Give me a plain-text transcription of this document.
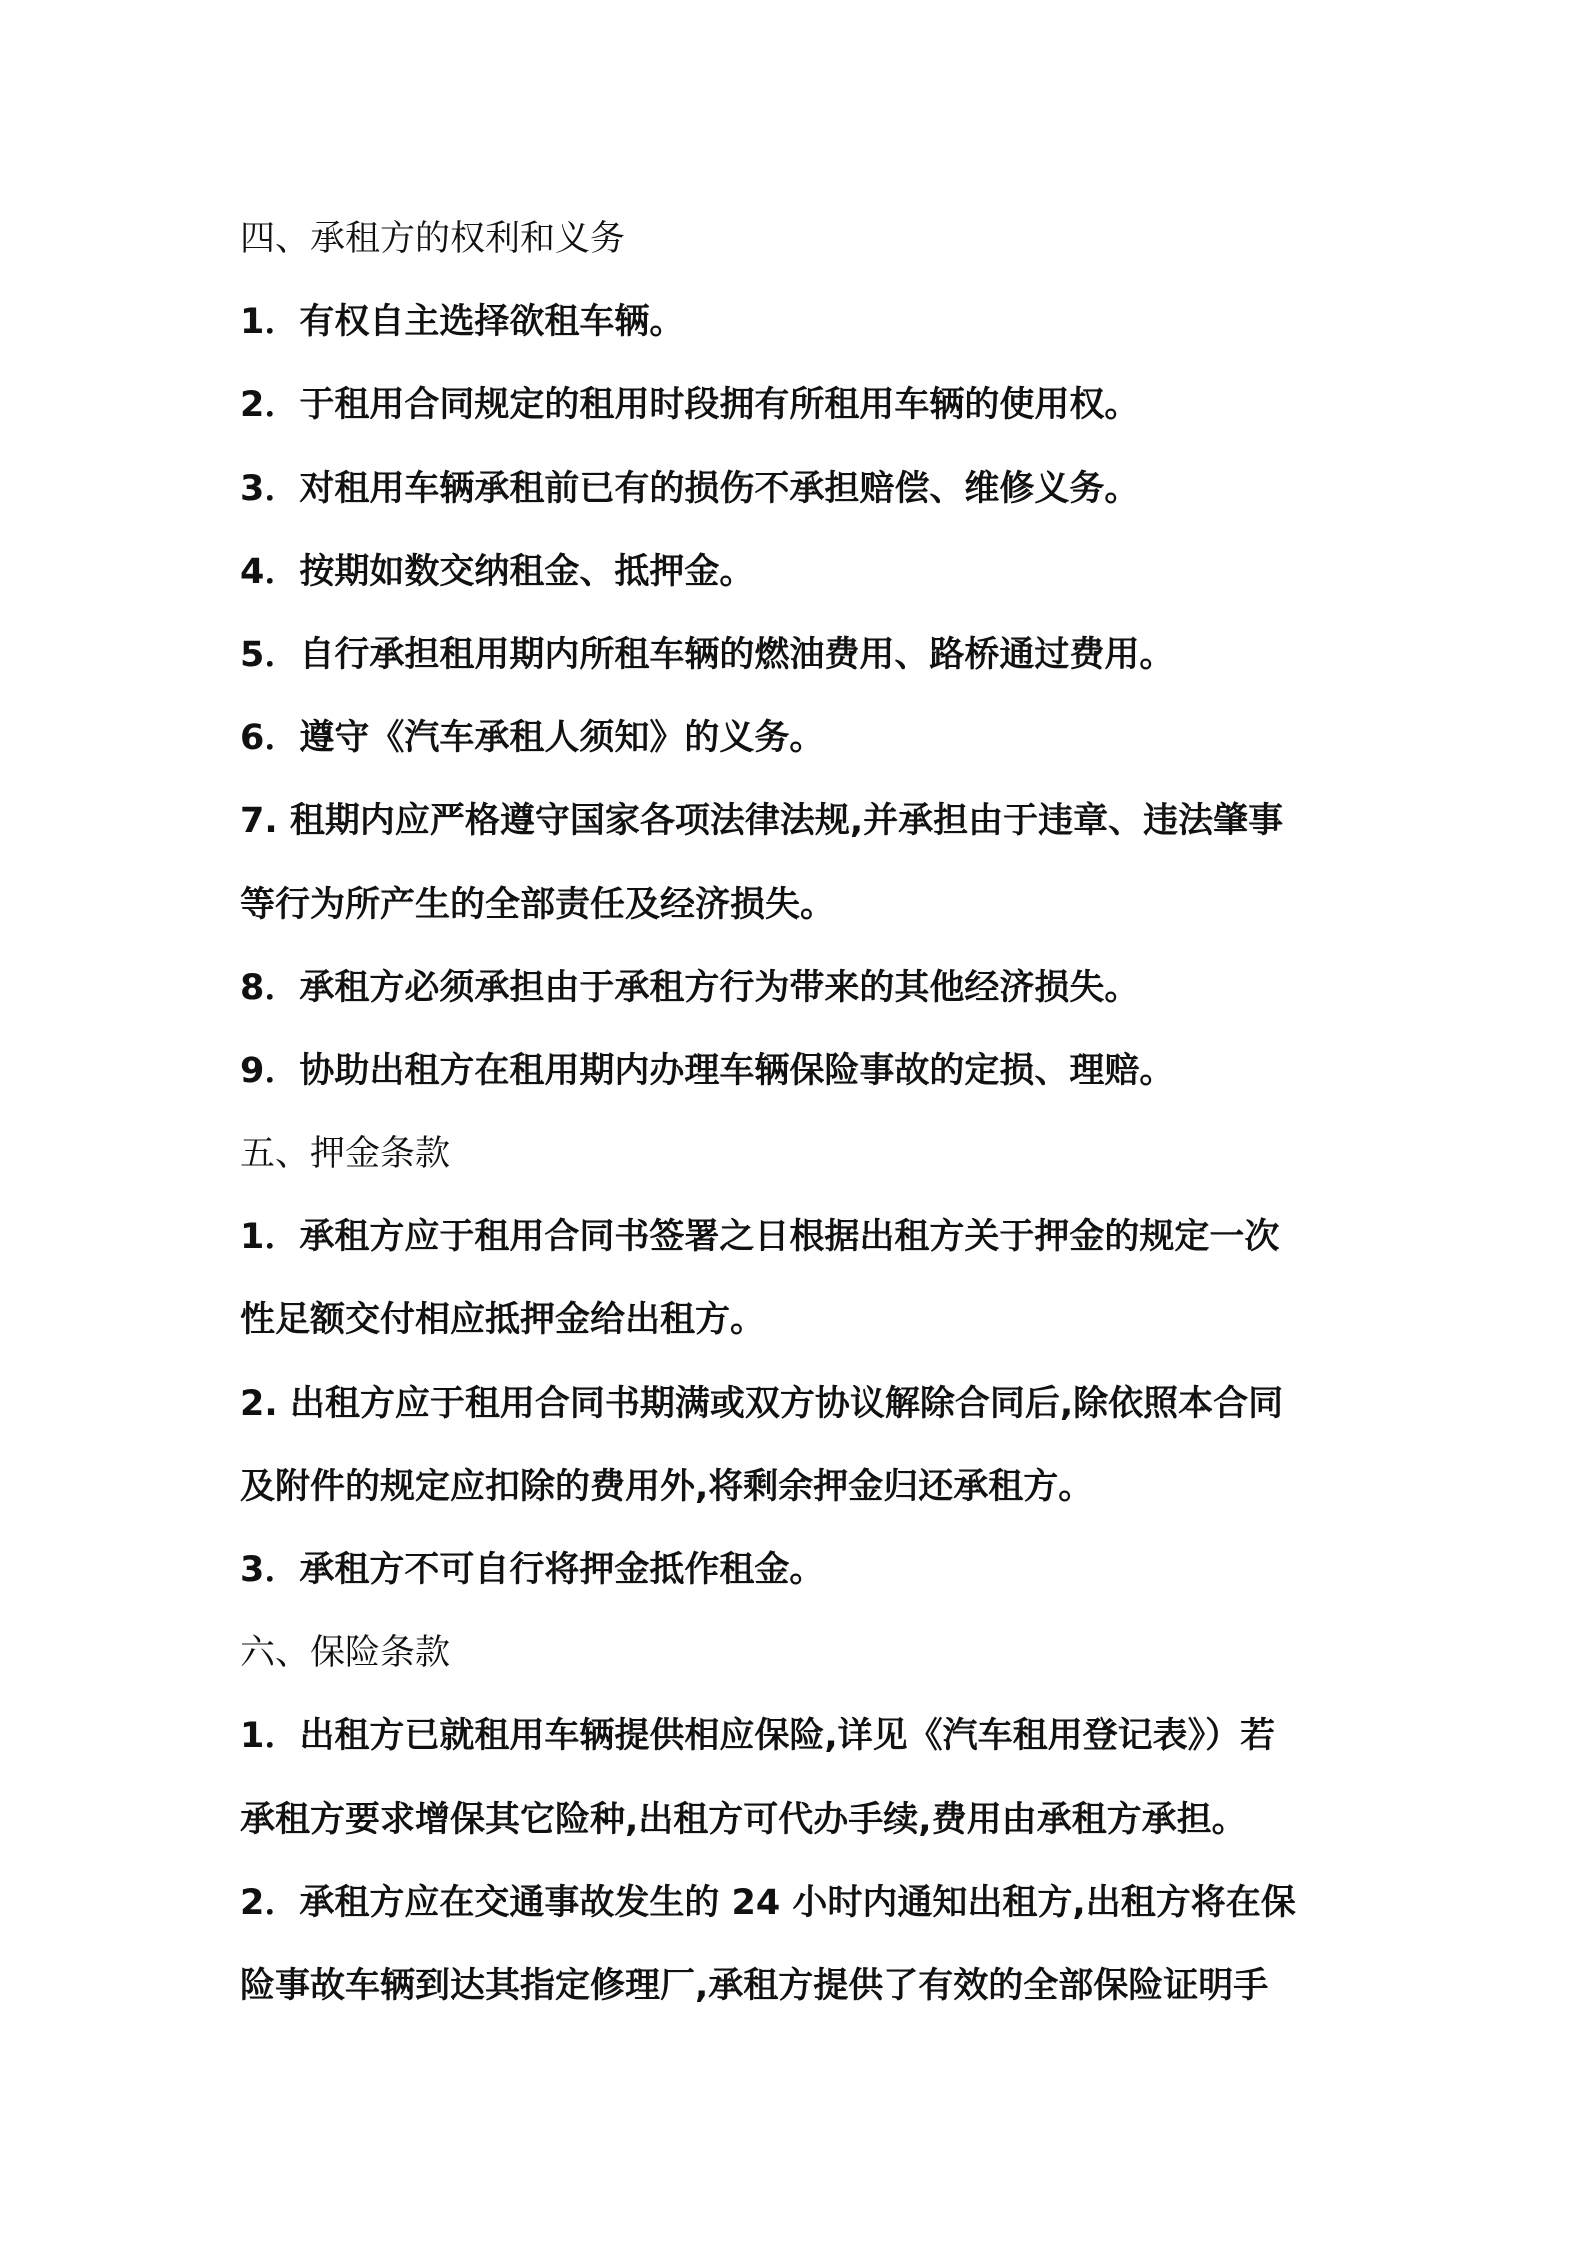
四、承租方的权利和义务
1．有权自主选择欲租车辆。
2．于租用合同规定的租用时段拥有所租用车辆的使用权。
3．对租用车辆承租前已有的损伤不承担赔偿、维修义务。
4．按期如数交纳租金、抵押金。
5．自行承担租用期内所租车辆的燃油费用、路桥通过费用。
6．遵守《汽车承租人须知》的义务。
7. 租期内应严格遵守国家各项法律法规,并承担由于违章、违法肇事
等行为所产生的全部责任及经济损失。
8．承租方必须承担由于承租方行为带来的其他经济损失。
9．协助出租方在租用期内办理车辆保险事故的定损、理赔。
五、押金条款
1．承租方应于租用合同书签署之日根据出租方关于押金的规定一次
性足额交付相应抵押金给出租方。
2. 出租方应于租用合同书期满或双方协议解除合同后,除依照本合同
及附件的规定应扣除的费用外,将剩余押金归还承租方。
3．承租方不可自行将押金抵作租金。
六、保险条款
1．出租方已就租用车辆提供相应保险,详见《汽车租用登记表》）若
承租方要求增保其它险种,出租方可代办手续,费用由承租方承担。
2．承租方应在交通事故发生的 24 小时内通知出租方,出租方将在保
险事故车辆到达其指定修理厂,承租方提供了有效的全部保险证明手
